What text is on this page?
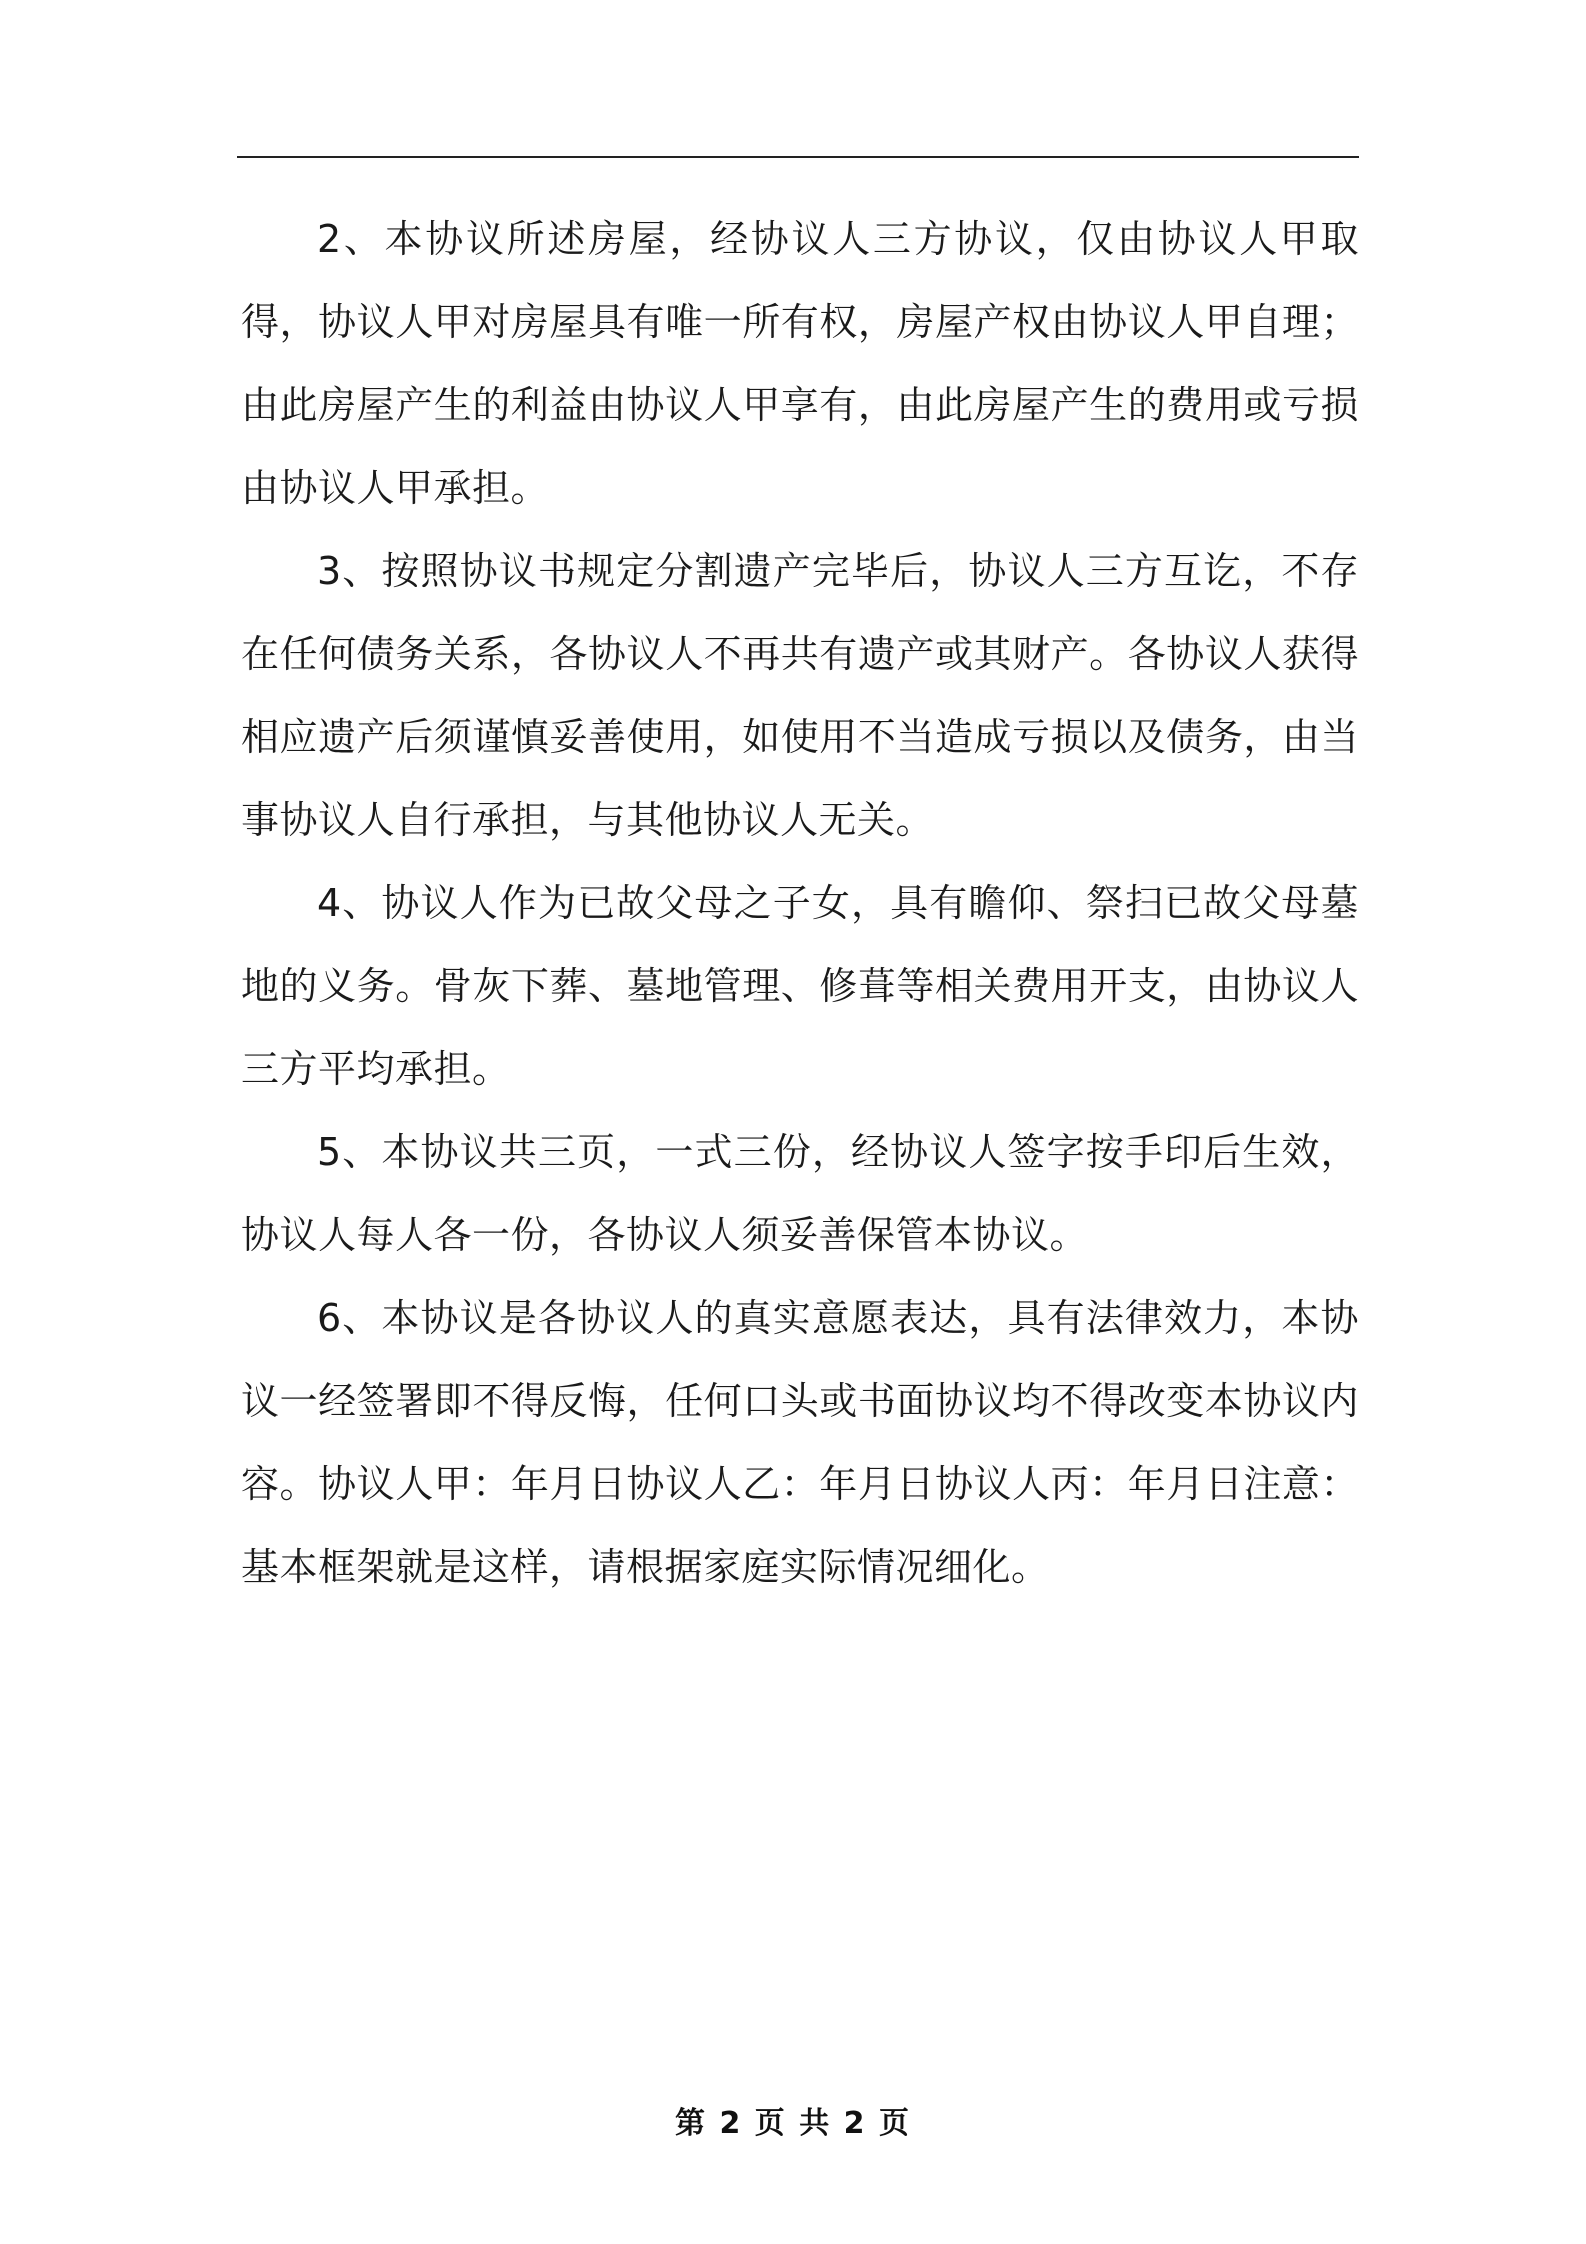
2、本协议所述房屋，经协议人三方协议，仅由协议人甲取得，协议人甲对房屋具有唯一所有权，房屋产权由协议人甲自理；由此房屋产生的利益由协议人甲享有，由此房屋产生的费用或亏损由协议人甲承担。

3、按照协议书规定分割遗产完毕后，协议人三方互讫，不存在任何债务关系，各协议人不再共有遗产或其财产。各协议人获得相应遗产后须谨慎妥善使用，如使用不当造成亏损以及债务，由当事协议人自行承担，与其他协议人无关。

4、协议人作为已故父母之子女，具有瞻仰、祭扫已故父母墓地的义务。骨灰下葬、墓地管理、修葺等相关费用开支，由协议人三方平均承担。

5、本协议共三页，一式三份，经协议人签字按手印后生效，协议人每人各一份，各协议人须妥善保管本协议。

6、本协议是各协议人的真实意愿表达，具有法律效力，本协议一经签署即不得反悔，任何口头或书面协议均不得改变本协议内容。协议人甲：年月日协议人乙：年月日协议人丙：年月日注意：基本框架就是这样，请根据家庭实际情况细化。

第 2 页 共 2 页
